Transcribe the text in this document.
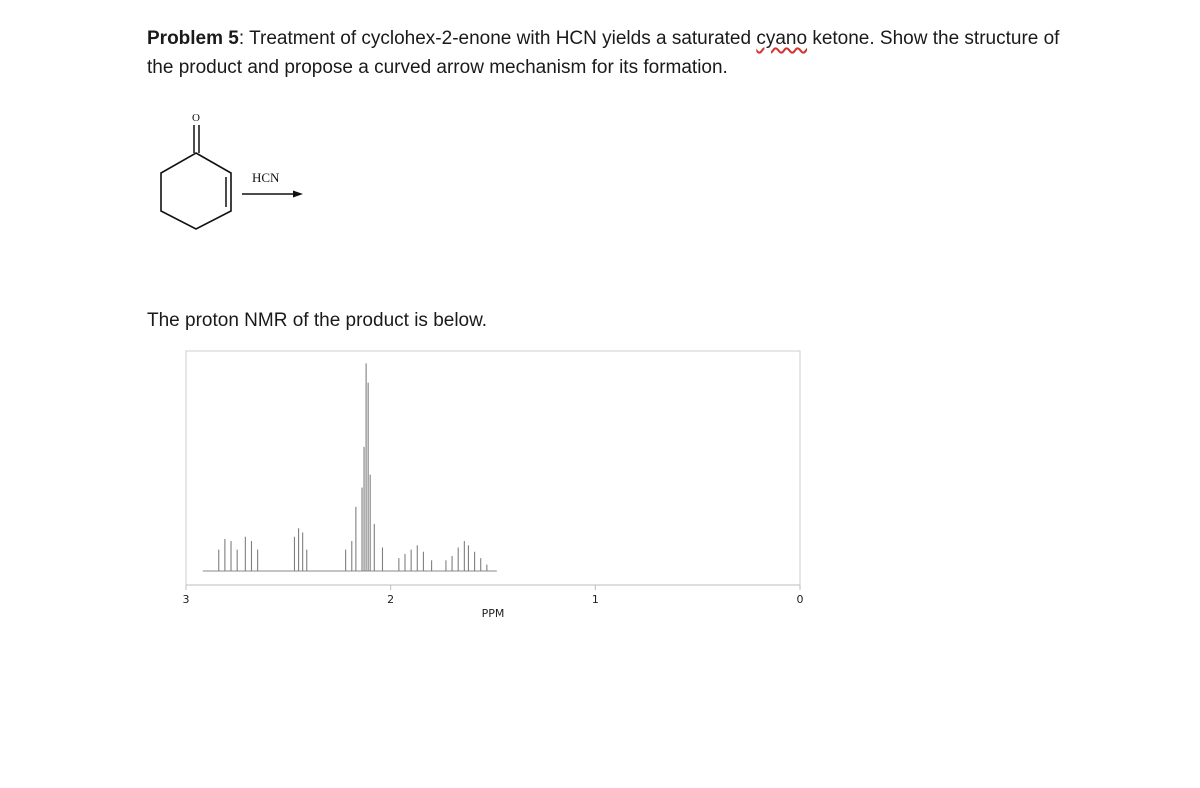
Problem 5: Treatment of cyclohex-2-enone with HCN yields a saturated cyano ketone. Show the structure of the product and propose a curved arrow mechanism for its formation.
O
HCN
The proton NMR of the product is below.
3	2	1	0
PPM
